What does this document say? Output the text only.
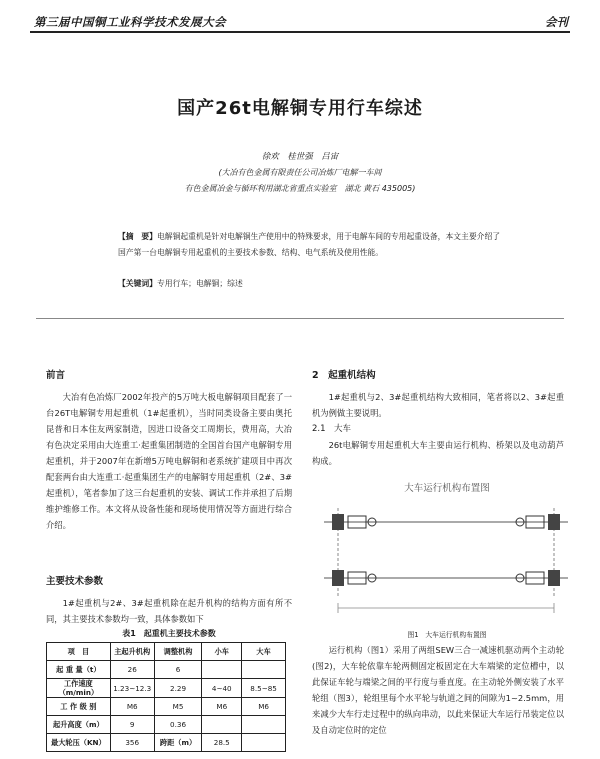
第三届中国铜工业科学技术发展大会	会刊
国产26t电解铜专用行车综述
徐欢　桂世强　吕宙
(大冶有色金属有限责任公司冶炼厂电解一车间
有色金属冶金与循环利用湖北省重点实验室　湖北 黄石 435005)
【摘　要】电解铜起重机是针对电解铜生产使用中的特殊要求，用于电解车间的专用起重设备，本文主要介绍了国产第一台电解铜专用起重机的主要技术参数、结构、电气系统及使用性能。
【关键词】专用行车；电解铜；综述
前言

大冶有色冶炼厂2002年投产的5万吨大板电解铜项目配套了一台26T电解铜专用起重机（1#起重机），当时同类设备主要由奥托昆普和日本住友两家制造，因进口设备交工周期长，费用高，大冶有色决定采用由大连重工·起重集团制造的全国首台国产电解铜专用起重机，并于2007年在新增5万吨电解铜和老系统扩建项目中再次配套两台由大连重工·起重集团生产的电解铜专用起重机（2#、3#起重机），笔者参加了这三台起重机的安装、调试工作并承担了后期维护维修工作。本文将从设备性能和现场使用情况等方面进行综合介绍。

主要技术参数

1#起重机与2#、3#起重机除在起升机构的结构方面有所不同，其主要技术参数均一致，具体参数如下

表1　起重机主要技术参数
项　目	主起升机构	调整机构	小车	大车
起 重 量（t）	26	6		
工作速度（m/min）	1.23~12.3	2.29	4~40	8.5~85
工 作 级 别	M6	M5	M6	M6
起升高度（m）	9	0.36		
最大轮压（KN）	356	跨距（m）	28.5	
2　起重机结构

1#起重机与2、3#起重机结构大致相同，笔者将以2、3#起重机为例做主要说明。

2.1　大车

26t电解铜专用起重机大车主要由运行机构、桥架以及电动葫芦构成。

大车运行机构布置图
图1　大车运行机构布置图

运行机构（图1）采用了两组SEW三合一减速机驱动两个主动轮(图2)，大车轮依靠车轮两侧固定板固定在大车端梁的定位槽中，以此保证车轮与端梁之间的平行度与垂直度。在主动轮外侧安装了水平轮组（图3），轮组里每个水平轮与轨道之间的间隙为1~2.5mm，用来减少大车行走过程中的纵向串动，以此来保证大车运行吊装定位以及自动定位时的定位
